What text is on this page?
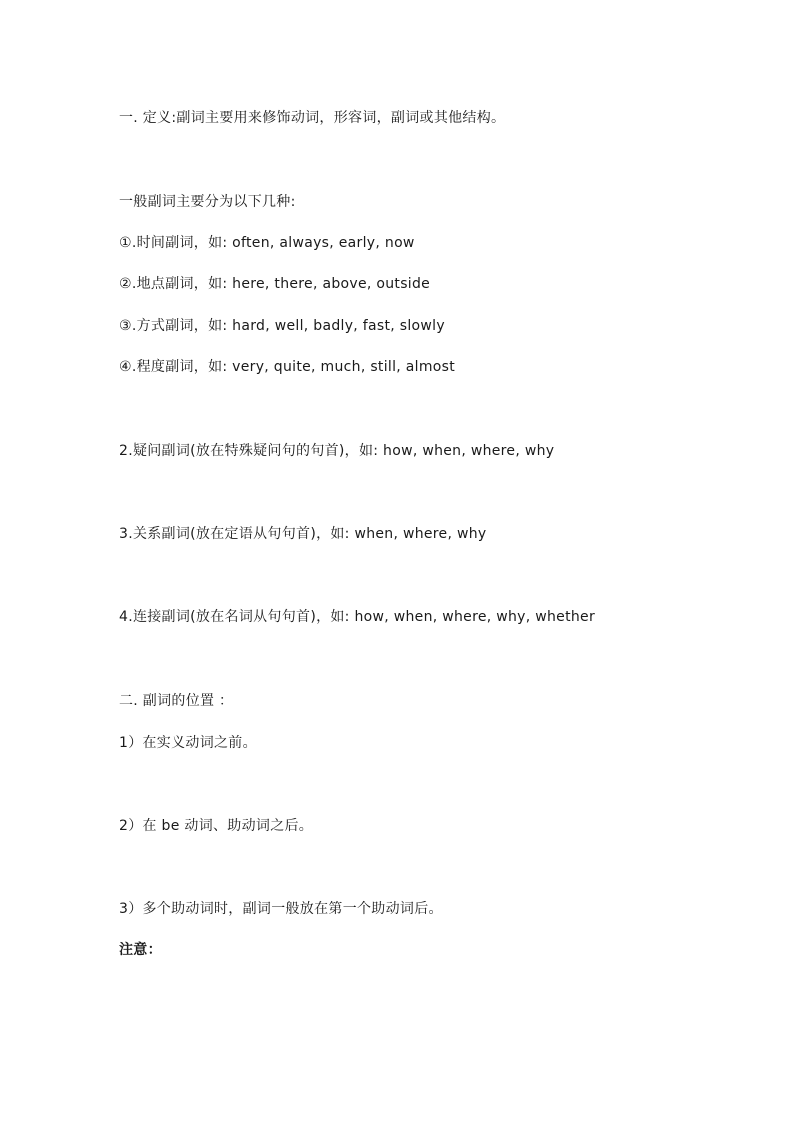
一. 定义:副词主要用来修饰动词，形容词，副词或其他结构。
一般副词主要分为以下几种:
①.时间副词，如: often, always, early, now
②.地点副词，如: here, there, above, outside
③.方式副词，如: hard, well, badly, fast, slowly
④.程度副词，如: very, quite, much, still, almost
2.疑问副词(放在特殊疑问句的句首)，如: how, when, where, why
3.关系副词(放在定语从句句首)，如: when, where, why
4.连接副词(放在名词从句句首)，如: how, when, where, why, whether
二. 副词的位置 ：
1）在实义动词之前。
2）在 be 动词、助动词之后。
3）多个助动词时，副词一般放在第一个助动词后。
注意：
